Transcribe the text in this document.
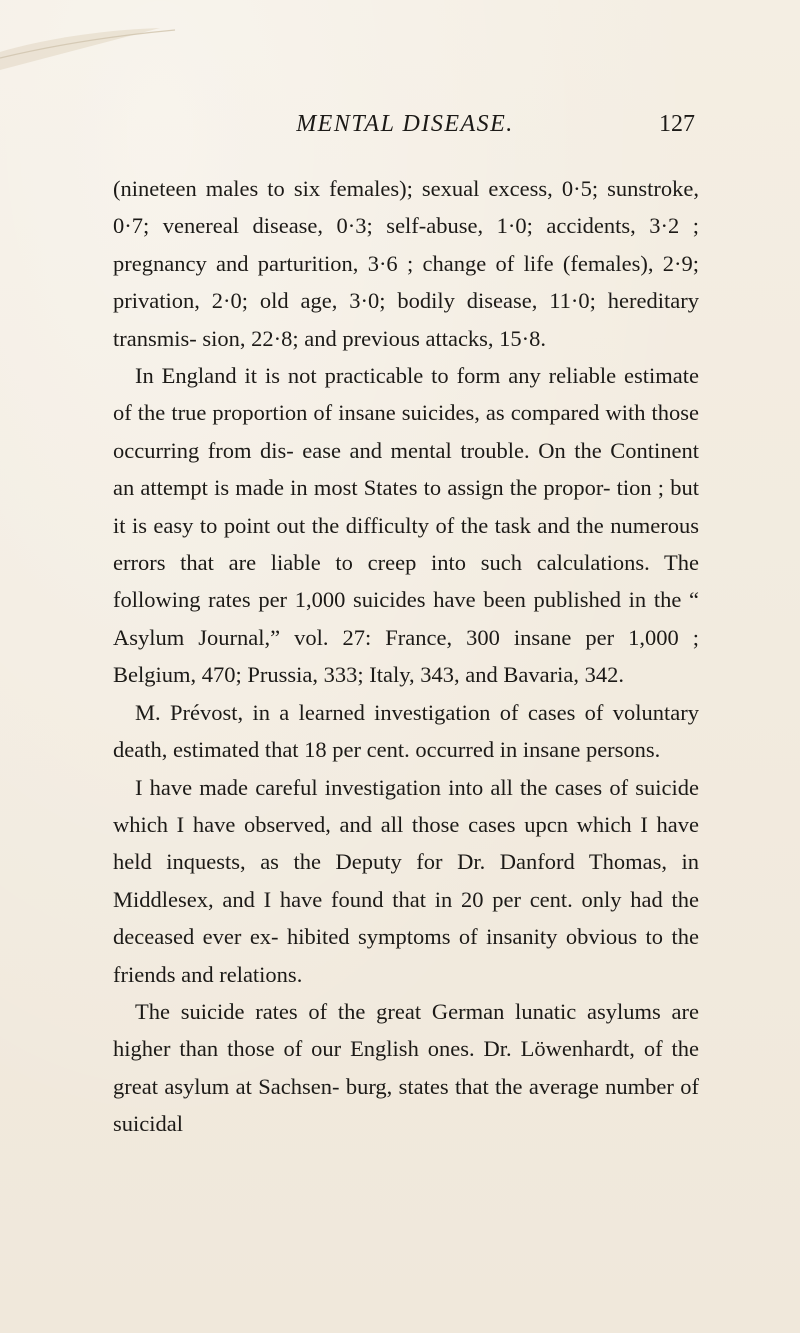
MENTAL DISEASE.	127

(nineteen males to six females); sexual excess, 0·5; sunstroke, 0·7; venereal disease, 0·3; self-abuse, 1·0; accidents, 3·2 ; pregnancy and parturition, 3·6 ; change of life (females), 2·9; privation, 2·0; old age, 3·0; bodily disease, 11·0; hereditary transmis- sion, 22·8; and previous attacks, 15·8.

In England it is not practicable to form any reliable estimate of the true proportion of insane suicides, as compared with those occurring from dis- ease and mental trouble. On the Continent an attempt is made in most States to assign the propor- tion ; but it is easy to point out the difficulty of the task and the numerous errors that are liable to creep into such calculations. The following rates per 1,000 suicides have been published in the “ Asylum Journal,” vol. 27: France, 300 insane per 1,000 ; Belgium, 470; Prussia, 333; Italy, 343, and Bavaria, 342.

M. Prévost, in a learned investigation of cases of voluntary death, estimated that 18 per cent. occurred in insane persons.

I have made careful investigation into all the cases of suicide which I have observed, and all those cases upcn which I have held inquests, as the Deputy for Dr. Danford Thomas, in Middlesex, and I have found that in 20 per cent. only had the deceased ever ex- hibited symptoms of insanity obvious to the friends and relations.

The suicide rates of the great German lunatic asylums are higher than those of our English ones. Dr. Löwenhardt, of the great asylum at Sachsen- burg, states that the average number of suicidal
